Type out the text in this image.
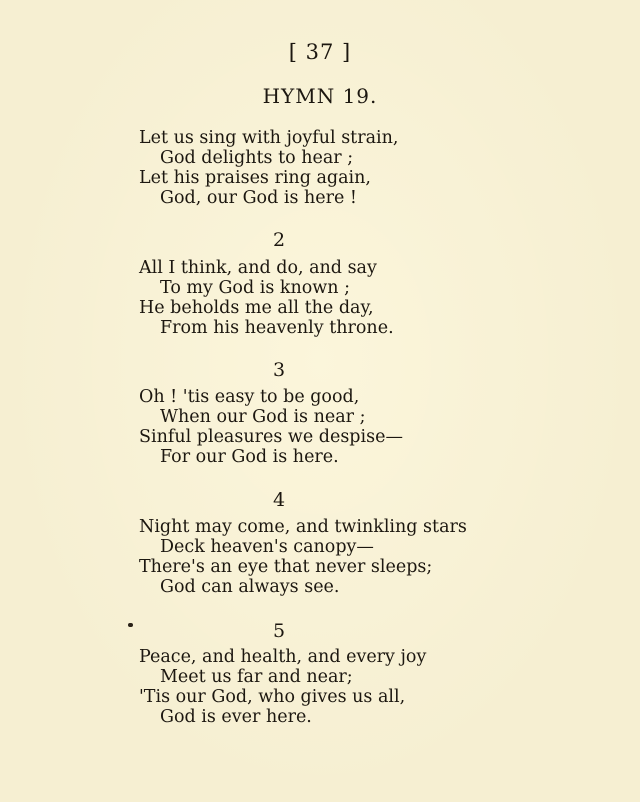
[ 37 ]
HYMN 19.
Let us sing with joyful strain,
God delights to hear ;
Let his praises ring again,
God, our God is here !
2
All I think, and do, and say
To my God is known ;
He beholds me all the day,
From his heavenly throne.
3
Oh ! 'tis easy to be good,
When our God is near ;
Sinful pleasures we despise—
For our God is here.
4
Night may come, and twinkling stars
Deck heaven's canopy—
There's an eye that never sleeps;
God can always see.
5
Peace, and health, and every joy
Meet us far and near;
'Tis our God, who gives us all,
God is ever here.
